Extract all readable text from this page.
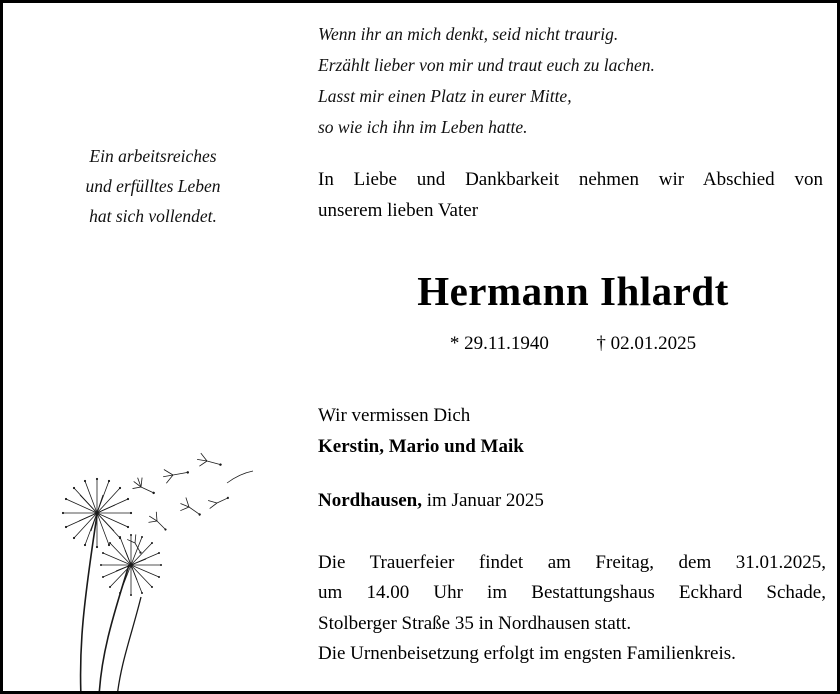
Ein arbeitsreiches
und erfülltes Leben
hat sich vollendet.
Wenn ihr an mich denkt, seid nicht traurig.
Erzählt lieber von mir und traut euch zu lachen.
Lasst mir einen Platz in eurer Mitte,
so wie ich ihn im Leben hatte.
In Liebe und Dankbarkeit nehmen wir Abschied von
unserem lieben Vater
Hermann Ihlardt
* 29.11.1940	† 02.01.2025
Wir vermissen Dich
Kerstin, Mario und Maik
Nordhausen, im Januar 2025
Die Trauerfeier findet am Freitag, dem 31.01.2025,
um 14.00 Uhr im Bestattungshaus Eckhard Schade,
Stolberger Straße 35 in Nordhausen statt.
Die Urnenbeisetzung erfolgt im engsten Familienkreis.
